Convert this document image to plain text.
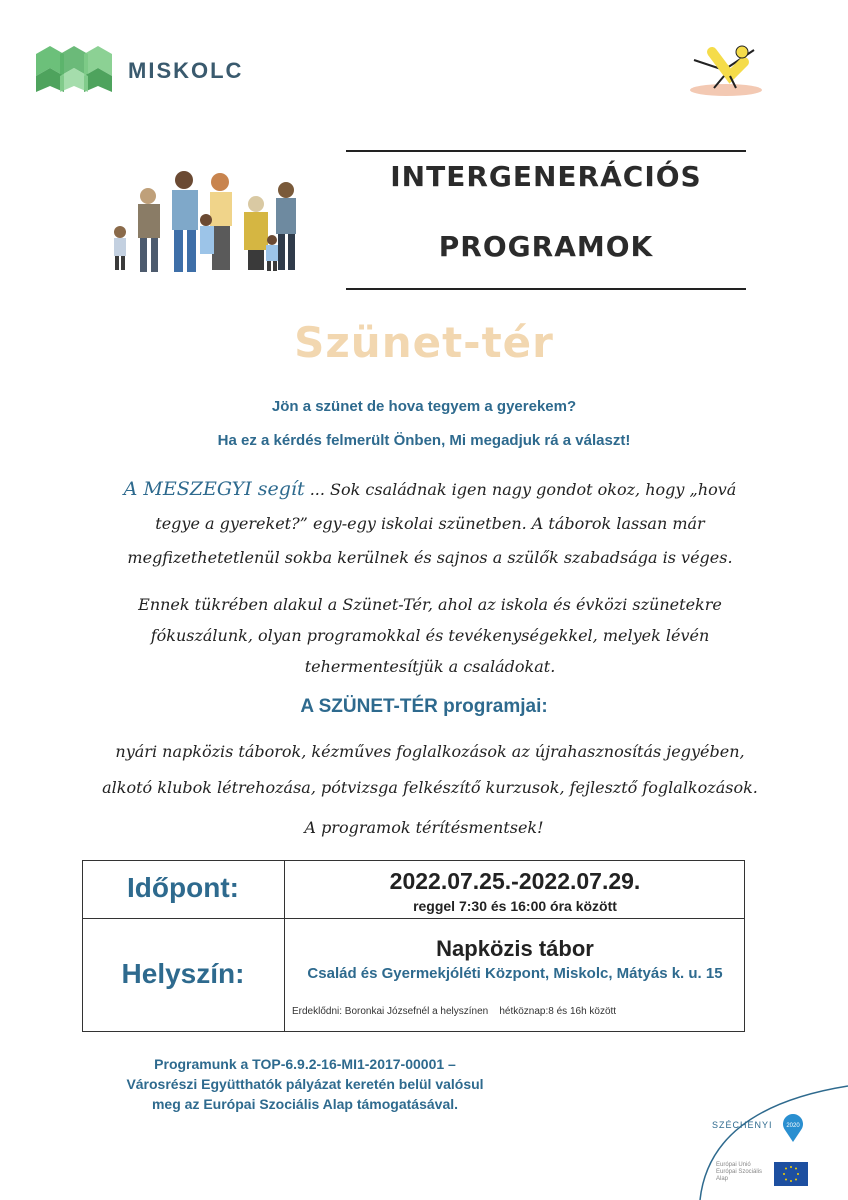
MISKOLC
INTERGENERÁCIÓS
PROGRAMOK
Szünet-tér
Jön a szünet de hova tegyem a gyerekem?
Ha ez a kérdés felmerült Önben, Mi megadjuk rá a választ!
A MESZEGYI segít ... Sok családnak igen nagy gondot okoz, hogy „hová
tegye a gyereket?” egy-egy iskolai szünetben. A táborok lassan már
megfizethetetlenül sokba kerülnek és sajnos a szülők szabadsága is véges.
Ennek tükrében alakul a Szünet-Tér, ahol az iskola és évközi szünetekre
fókuszálunk, olyan programokkal és tevékenységekkel, melyek lévén
tehermentesítjük a családokat.
A SZÜNET-TÉR programjai:
nyári napközis táborok, kézműves foglalkozások az újrahasznosítás jegyében,
alkotó klubok létrehozása, pótvizsga felkészítő kurzusok, fejlesztő foglalkozások.
A programok térítésmentsek!
Időpont:	2022.07.25.-2022.07.29.
reggel 7:30 és 16:00 óra között
Helyszín:
Napközis tábor
Család és Gyermekjóléti Központ, Miskolc, Mátyás k. u. 15
Erdeklődni: Boronkai Józsefnél a helyszínen    hétköznap:8 és 16h között
Programunk a TOP-6.9.2-16-MI1-2017-00001 –
Városrészi Együtthatók pályázat keretén belül valósul
meg az Európai Szociális Alap támogatásával.
SZÉCHENYI 2020
Európai Unió
Európai Szociális
Alap
